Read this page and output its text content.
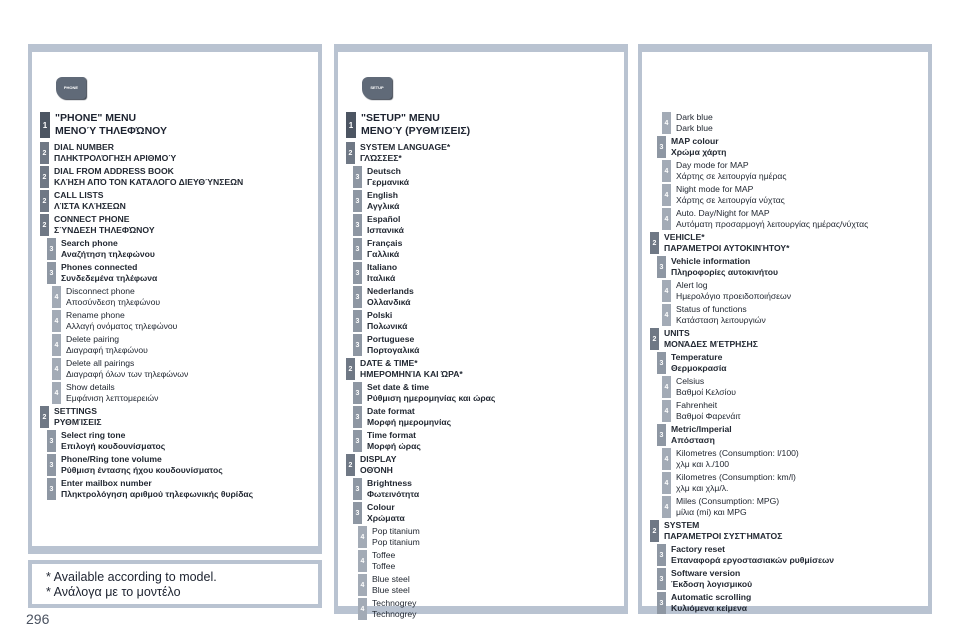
PHONE
1
"PHONE" MENU
ΜΕΝΟΎ ΤΗΛΕΦΏΝΟΥ
2
DIAL NUMBER
ΠΛΗΚΤΡΟΛΌΓΗΣΗ ΑΡΙΘΜΟΎ
2
DIAL FROM ADDRESS BOOK
ΚΛΉΣΗ ΑΠΌ ΤΟΝ ΚΑΤΆΛΟΓΟ ΔΙΕΥΘΎΝΣΕΩΝ
2
CALL LISTS
ΛΊΣΤΑ ΚΛΉΣΕΩΝ
2
CONNECT PHONE
ΣΎΝΔΕΣΗ ΤΗΛΕΦΏΝΟΥ
3
Search phone
Αναζήτηση τηλεφώνου
3
Phones connected
Συνδεδεμένα τηλέφωνα
4
Disconnect phone
Αποσύνδεση τηλεφώνου
4
Rename phone
Αλλαγή ονόματος τηλεφώνου
4
Delete pairing
Διαγραφή τηλεφώνου
4
Delete all pairings
Διαγραφή όλων των τηλεφώνων
4
Show details
Εμφάνιση λεπτομερειών
2
SETTINGS
ΡΥΘΜΊΣΕΙΣ
3
Select ring tone
Επιλογή κουδουνίσματος
3
Phone/Ring tone volume
Ρύθμιση έντασης ήχου κουδουνίσματος
3
Enter mailbox number
Πληκτρολόγηση αριθμού τηλεφωνικής θυρίδας
SETUP
1
"SETUP" MENU
ΜΕΝΟΎ (ΡΥΘΜΊΣΕΙΣ)
2
SYSTEM LANGUAGE*
ΓΛΏΣΣΕΣ*
3
Deutsch
Γερμανικά
3
English
Αγγλικά
3
Español
Ισπανικά
3
Français
Γαλλικά
3
Italiano
Ιταλικά
3
Nederlands
Ολλανδικά
3
Polski
Πολωνικά
3
Portuguese
Πορτογαλικά
2
DATE & TIME*
ΗΜΕΡΟΜΗΝΊΑ ΚΑΙ ΏΡΑ*
3
Set date & time
Ρύθμιση ημερομηνίας και ώρας
3
Date format
Μορφή ημερομηνίας
3
Time format
Μορφή ώρας
2
DISPLAY
ΟΘΌΝΗ
3
Brightness
Φωτεινότητα
3
Colour
Χρώματα
4
Pop titanium
Pop titanium
4
Toffee
Toffee
4
Blue steel
Blue steel
4
Technogrey
Technogrey
4
Dark blue
Dark blue
3
MAP colour
Χρώμα χάρτη
4
Day mode for MAP
Χάρτης σε λειτουργία ημέρας
4
Night mode for MAP
Χάρτης σε λειτουργία νύχτας
4
Auto. Day/Night for MAP
Αυτόματη προσαρμογή λειτουργίας ημέρας/νύχτας
2
VEHICLE*
ΠΑΡΆΜΕΤΡΟΙ ΑΥΤΟΚΙΝΉΤΟΥ*
3
Vehicle information
Πληροφορίες αυτοκινήτου
4
Alert log
Ημερολόγιο προειδοποιήσεων
4
Status of functions
Κατάσταση λειτουργιών
2
UNITS
ΜΟΝΆΔΕΣ ΜΈΤΡΗΣΗΣ
3
Temperature
Θερμοκρασία
4
Celsius
Βαθμοί Κελσίου
4
Fahrenheit
Βαθμοί Φαρενάιτ
3
Metric/Imperial
Απόσταση
4
Kilometres (Consumption: l/100)
χλμ και λ./100
4
Kilometres (Consumption: km/l)
χλμ και χλμ/λ.
4
Miles (Consumption: MPG)
μίλια (mi) και MPG
2
SYSTEM
ΠΑΡΆΜΕΤΡΟΙ ΣΥΣΤΉΜΑΤΟΣ
3
Factory reset
Επαναφορά εργοστασιακών ρυθμίσεων
3
Software version
Έκδοση λογισμικού
3
Automatic scrolling
Κυλιόμενα κείμενα
* Available according to model.
* Ανάλογα με το μοντέλο
296
